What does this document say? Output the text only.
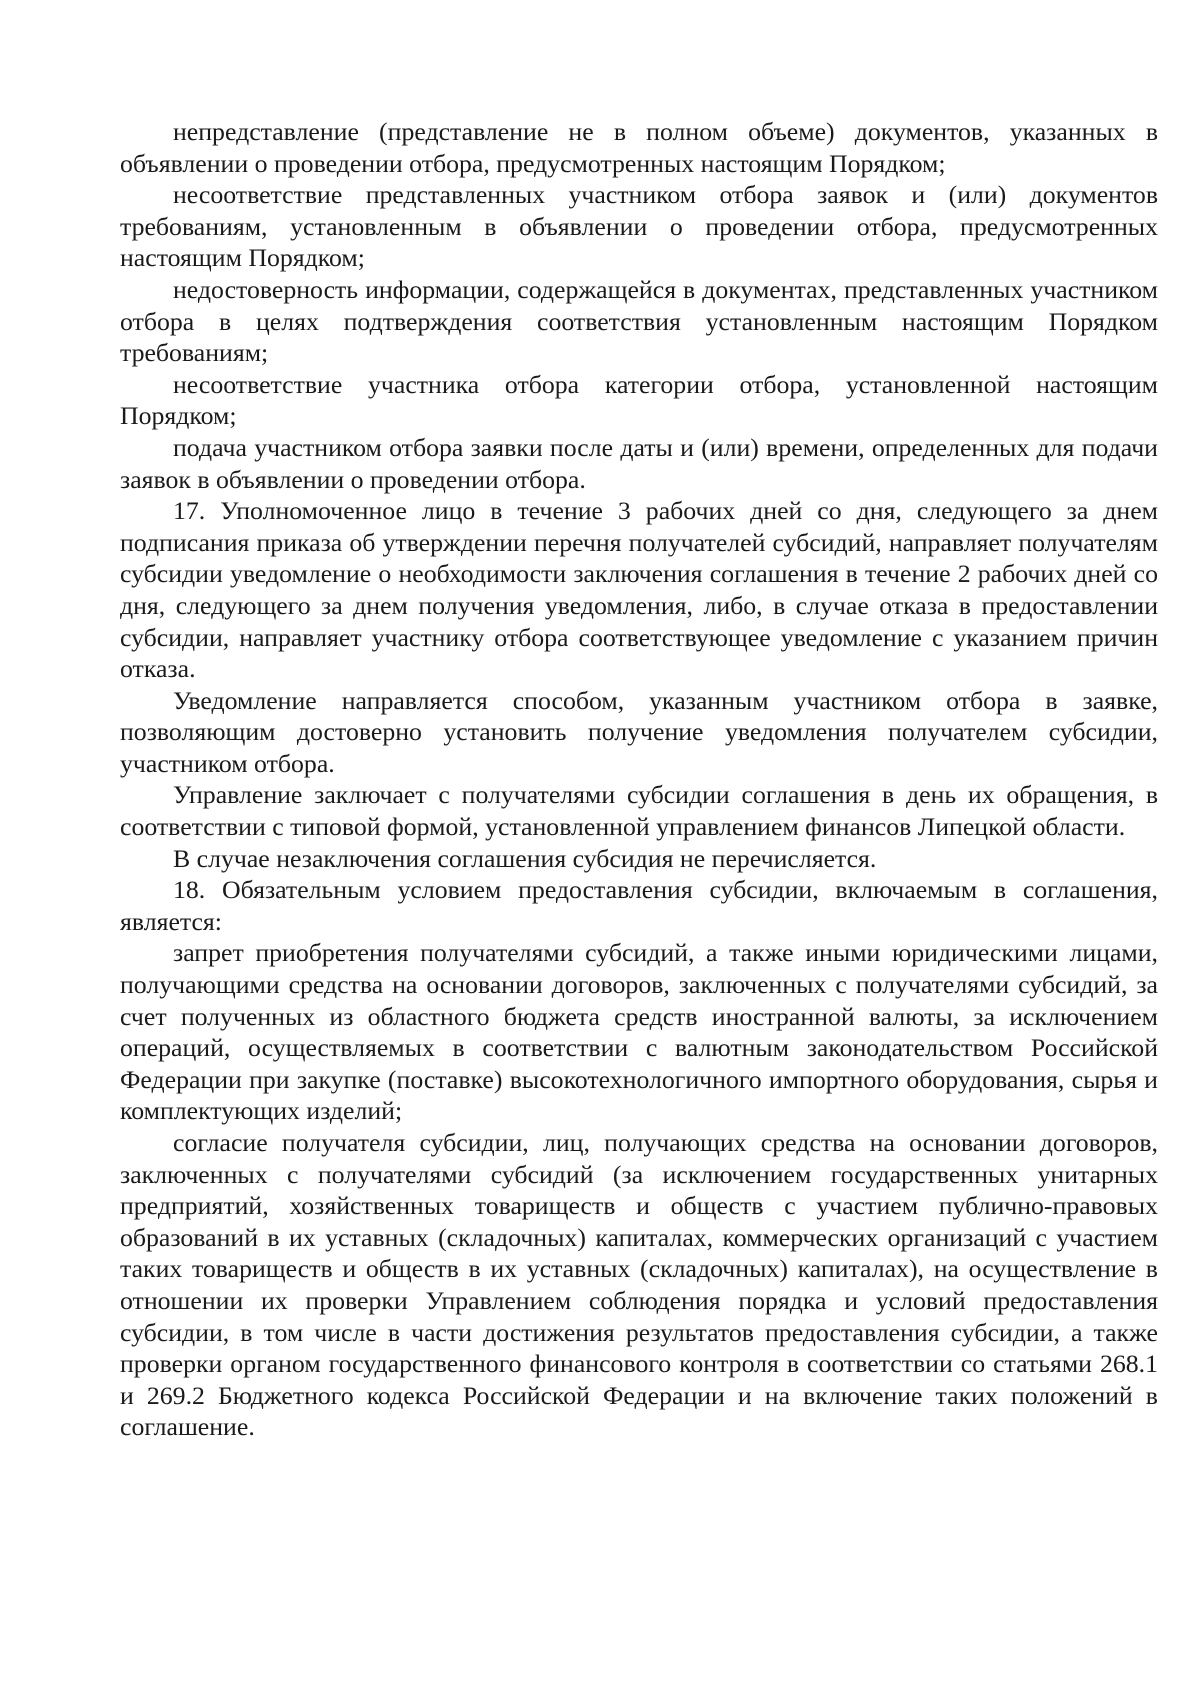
непредставление (представление не в полном объеме) документов, указанных в объявлении о проведении отбора, предусмотренных настоящим Порядком;

несоответствие представленных участником отбора заявок и (или) документов требованиям, установленным в объявлении о проведении отбора, предусмотренных настоящим Порядком;

недостоверность информации, содержащейся в документах, представленных участником отбора в целях подтверждения соответствия установленным настоящим Порядком требованиям;

несоответствие участника отбора категории отбора, установленной настоящим Порядком;

подача участником отбора заявки после даты и (или) времени, определенных для подачи заявок в объявлении о проведении отбора.

17. Уполномоченное лицо в течение 3 рабочих дней со дня, следующего за днем подписания приказа об утверждении перечня получателей субсидий, направляет получателям субсидии уведомление о необходимости заключения соглашения в течение 2 рабочих дней со дня, следующего за днем получения уведомления, либо, в случае отказа в предоставлении субсидии, направляет участнику отбора соответствующее уведомление с указанием причин отказа.

Уведомление направляется способом, указанным участником отбора в заявке, позволяющим достоверно установить получение уведомления получателем субсидии, участником отбора.

Управление заключает с получателями субсидии соглашения в день их обращения, в соответствии с типовой формой, установленной управлением финансов Липецкой области.

В случае незаключения соглашения субсидия не перечисляется.

18. Обязательным условием предоставления субсидии, включаемым в соглашения, является:

запрет приобретения получателями субсидий, а также иными юридическими лицами, получающими средства на основании договоров, заключенных с получателями субсидий, за счет полученных из областного бюджета средств иностранной валюты, за исключением операций, осуществляемых в соответствии с валютным законодательством Российской Федерации при закупке (поставке) высокотехнологичного импортного оборудования, сырья и комплектующих изделий;

согласие получателя субсидии, лиц, получающих средства на основании договоров, заключенных с получателями субсидий (за исключением государственных унитарных предприятий, хозяйственных товариществ и обществ с участием публично-правовых образований в их уставных (складочных) капиталах, коммерческих организаций с участием таких товариществ и обществ в их уставных (складочных) капиталах), на осуществление в отношении их проверки Управлением соблюдения порядка и условий предоставления субсидии, в том числе в части достижения результатов предоставления субсидии, а также проверки органом государственного финансового контроля в соответствии со статьями 268.1 и 269.2 Бюджетного кодекса Российской Федерации и на включение таких положений в соглашение.
